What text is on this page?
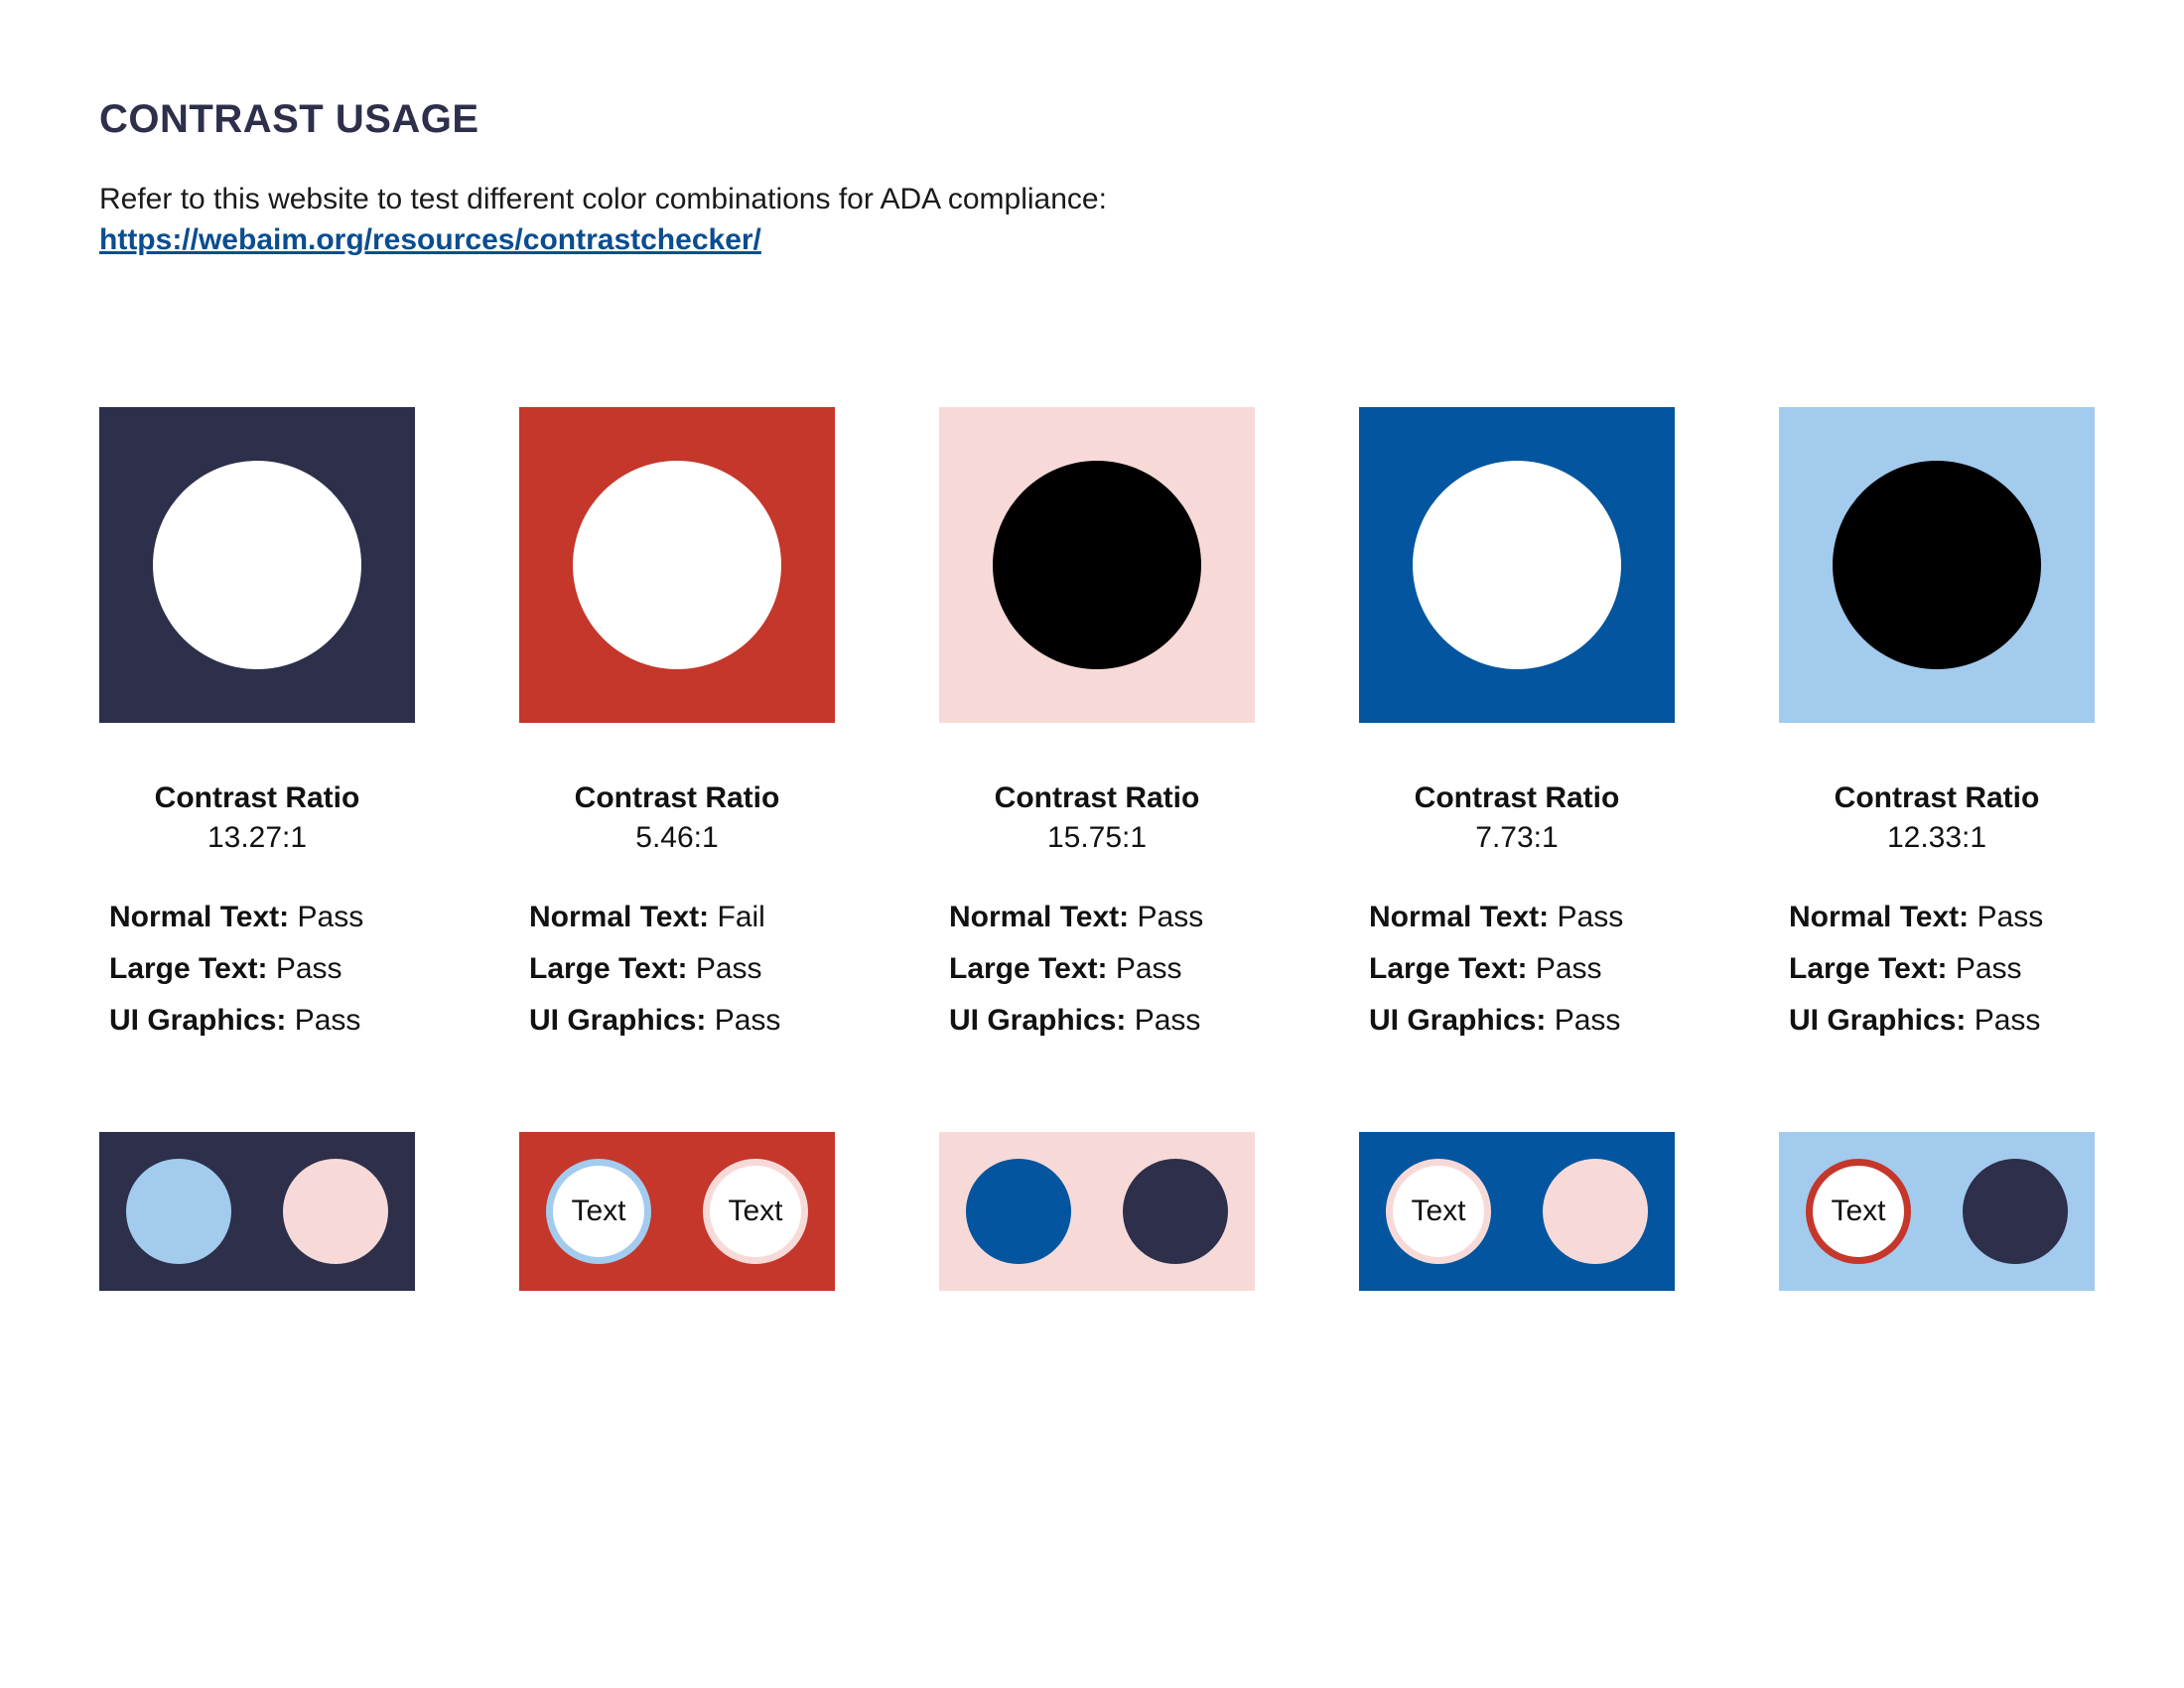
CONTRAST USAGE

Refer to this website to test different color combinations for ADA compliance: https://webaim.org/resources/contrastchecker/

Contrast Ratio
13.27:1
Normal Text: Pass
Large Text: Pass
UI Graphics: Pass
Contrast Ratio
5.46:1
Normal Text: Fail
Large Text: Pass
UI Graphics: Pass
Text	Text
Contrast Ratio
15.75:1
Normal Text: Pass
Large Text: Pass
UI Graphics: Pass
Contrast Ratio
7.73:1
Normal Text: Pass
Large Text: Pass
UI Graphics: Pass
Text
Contrast Ratio
12.33:1
Normal Text: Pass
Large Text: Pass
UI Graphics: Pass
Text
